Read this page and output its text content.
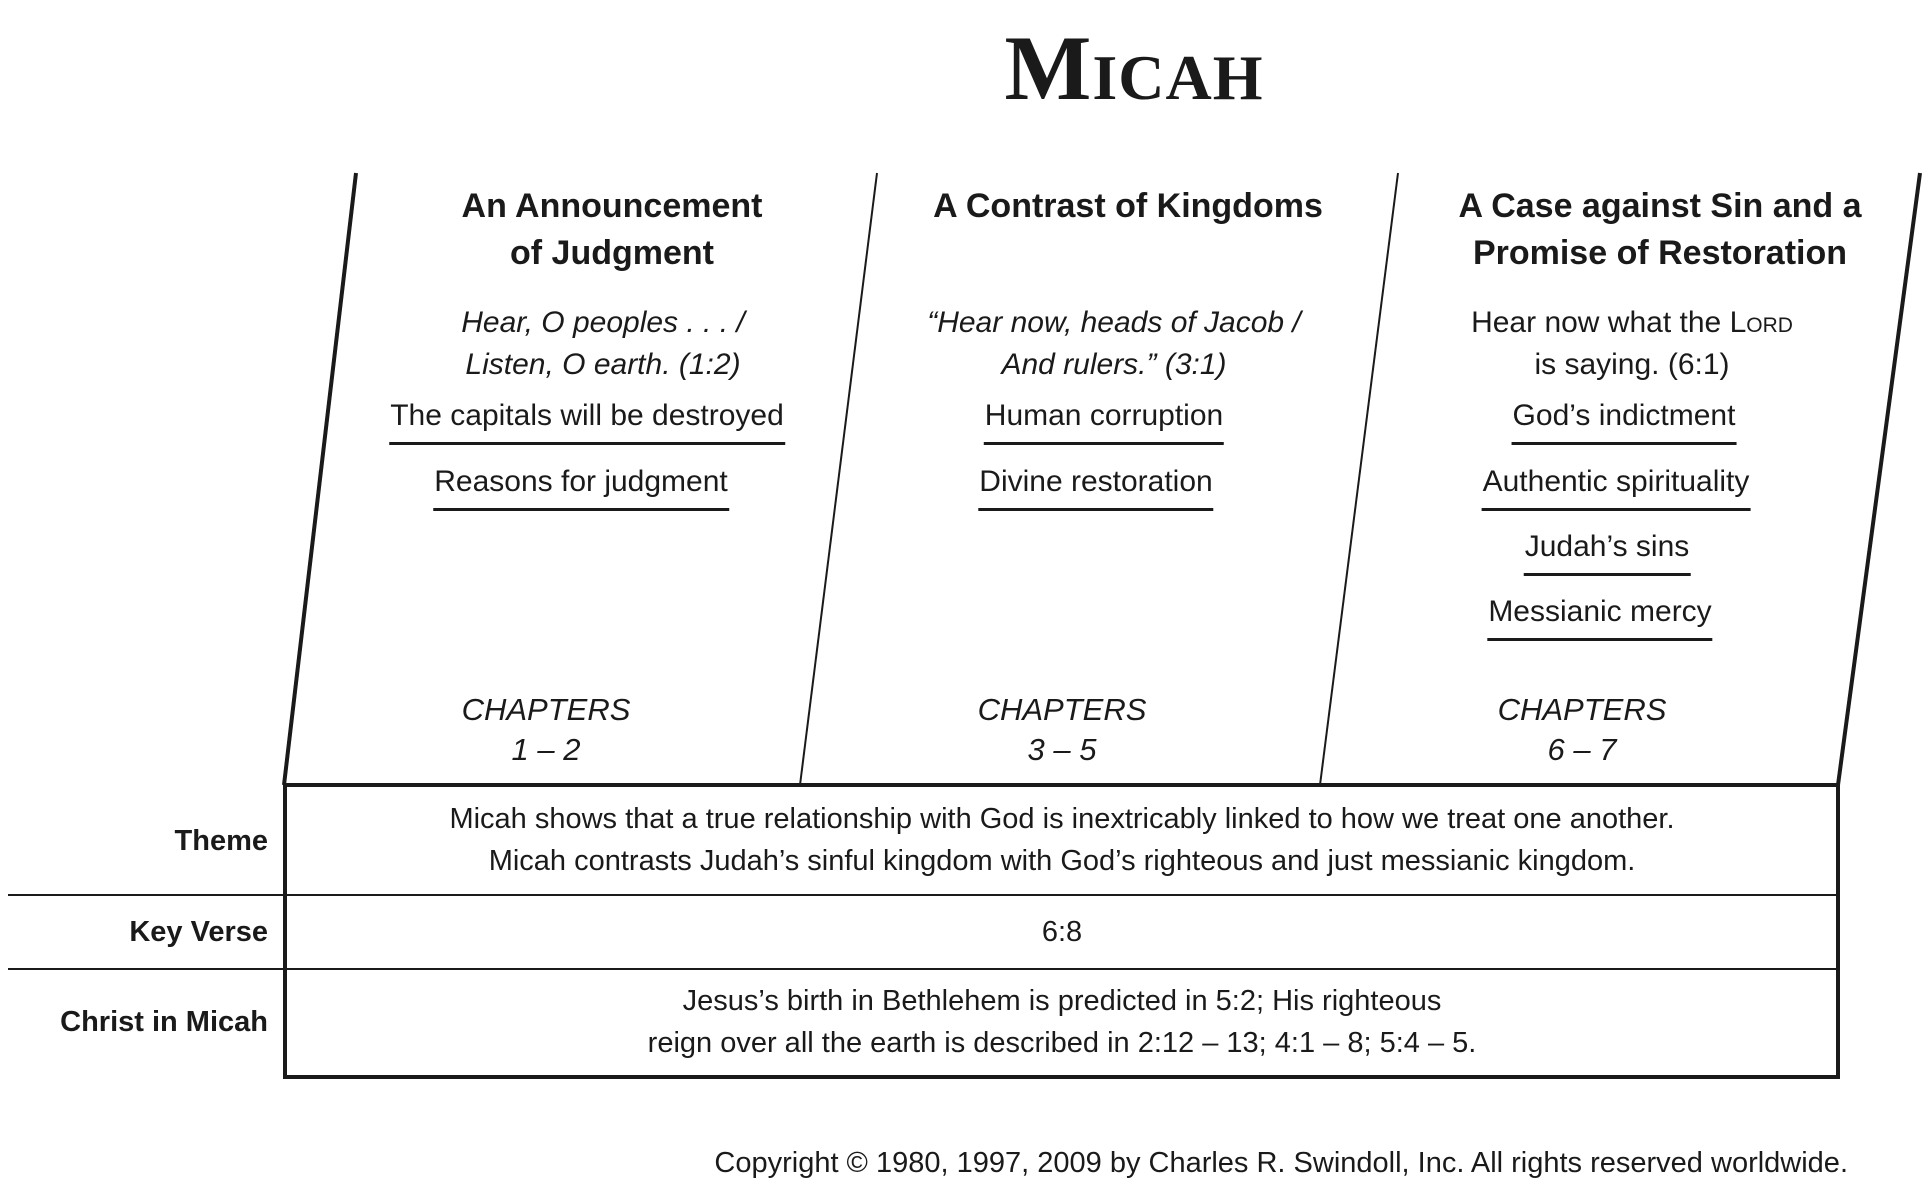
Micah
An Announcement
of Judgment
Hear, O peoples . . . /
Listen, O earth. (1:2)
The capitals will be destroyed
Reasons for judgment
CHAPTERS
1 – 2
A Contrast of Kingdoms
“Hear now, heads of Jacob /
And rulers.” (3:1)
Human corruption
Divine restoration
CHAPTERS
3 – 5
A Case against Sin and a
Promise of Restoration
Hear now what the Lord
is saying. (6:1)
God’s indictment
Authentic spirituality
Judah’s sins
Messianic mercy
CHAPTERS
6 – 7
Theme
Micah shows that a true relationship with God is inextricably linked to how we treat one another.
Micah contrasts Judah’s sinful kingdom with God’s righteous and just messianic kingdom.
Key Verse	6:8
Christ in Micah
Jesus’s birth in Bethlehem is predicted in 5:2; His righteous
reign over all the earth is described in 2:12 – 13; 4:1 – 8; 5:4 – 5.
Copyright © 1980, 1997, 2009 by Charles R. Swindoll, Inc. All rights reserved worldwide.
